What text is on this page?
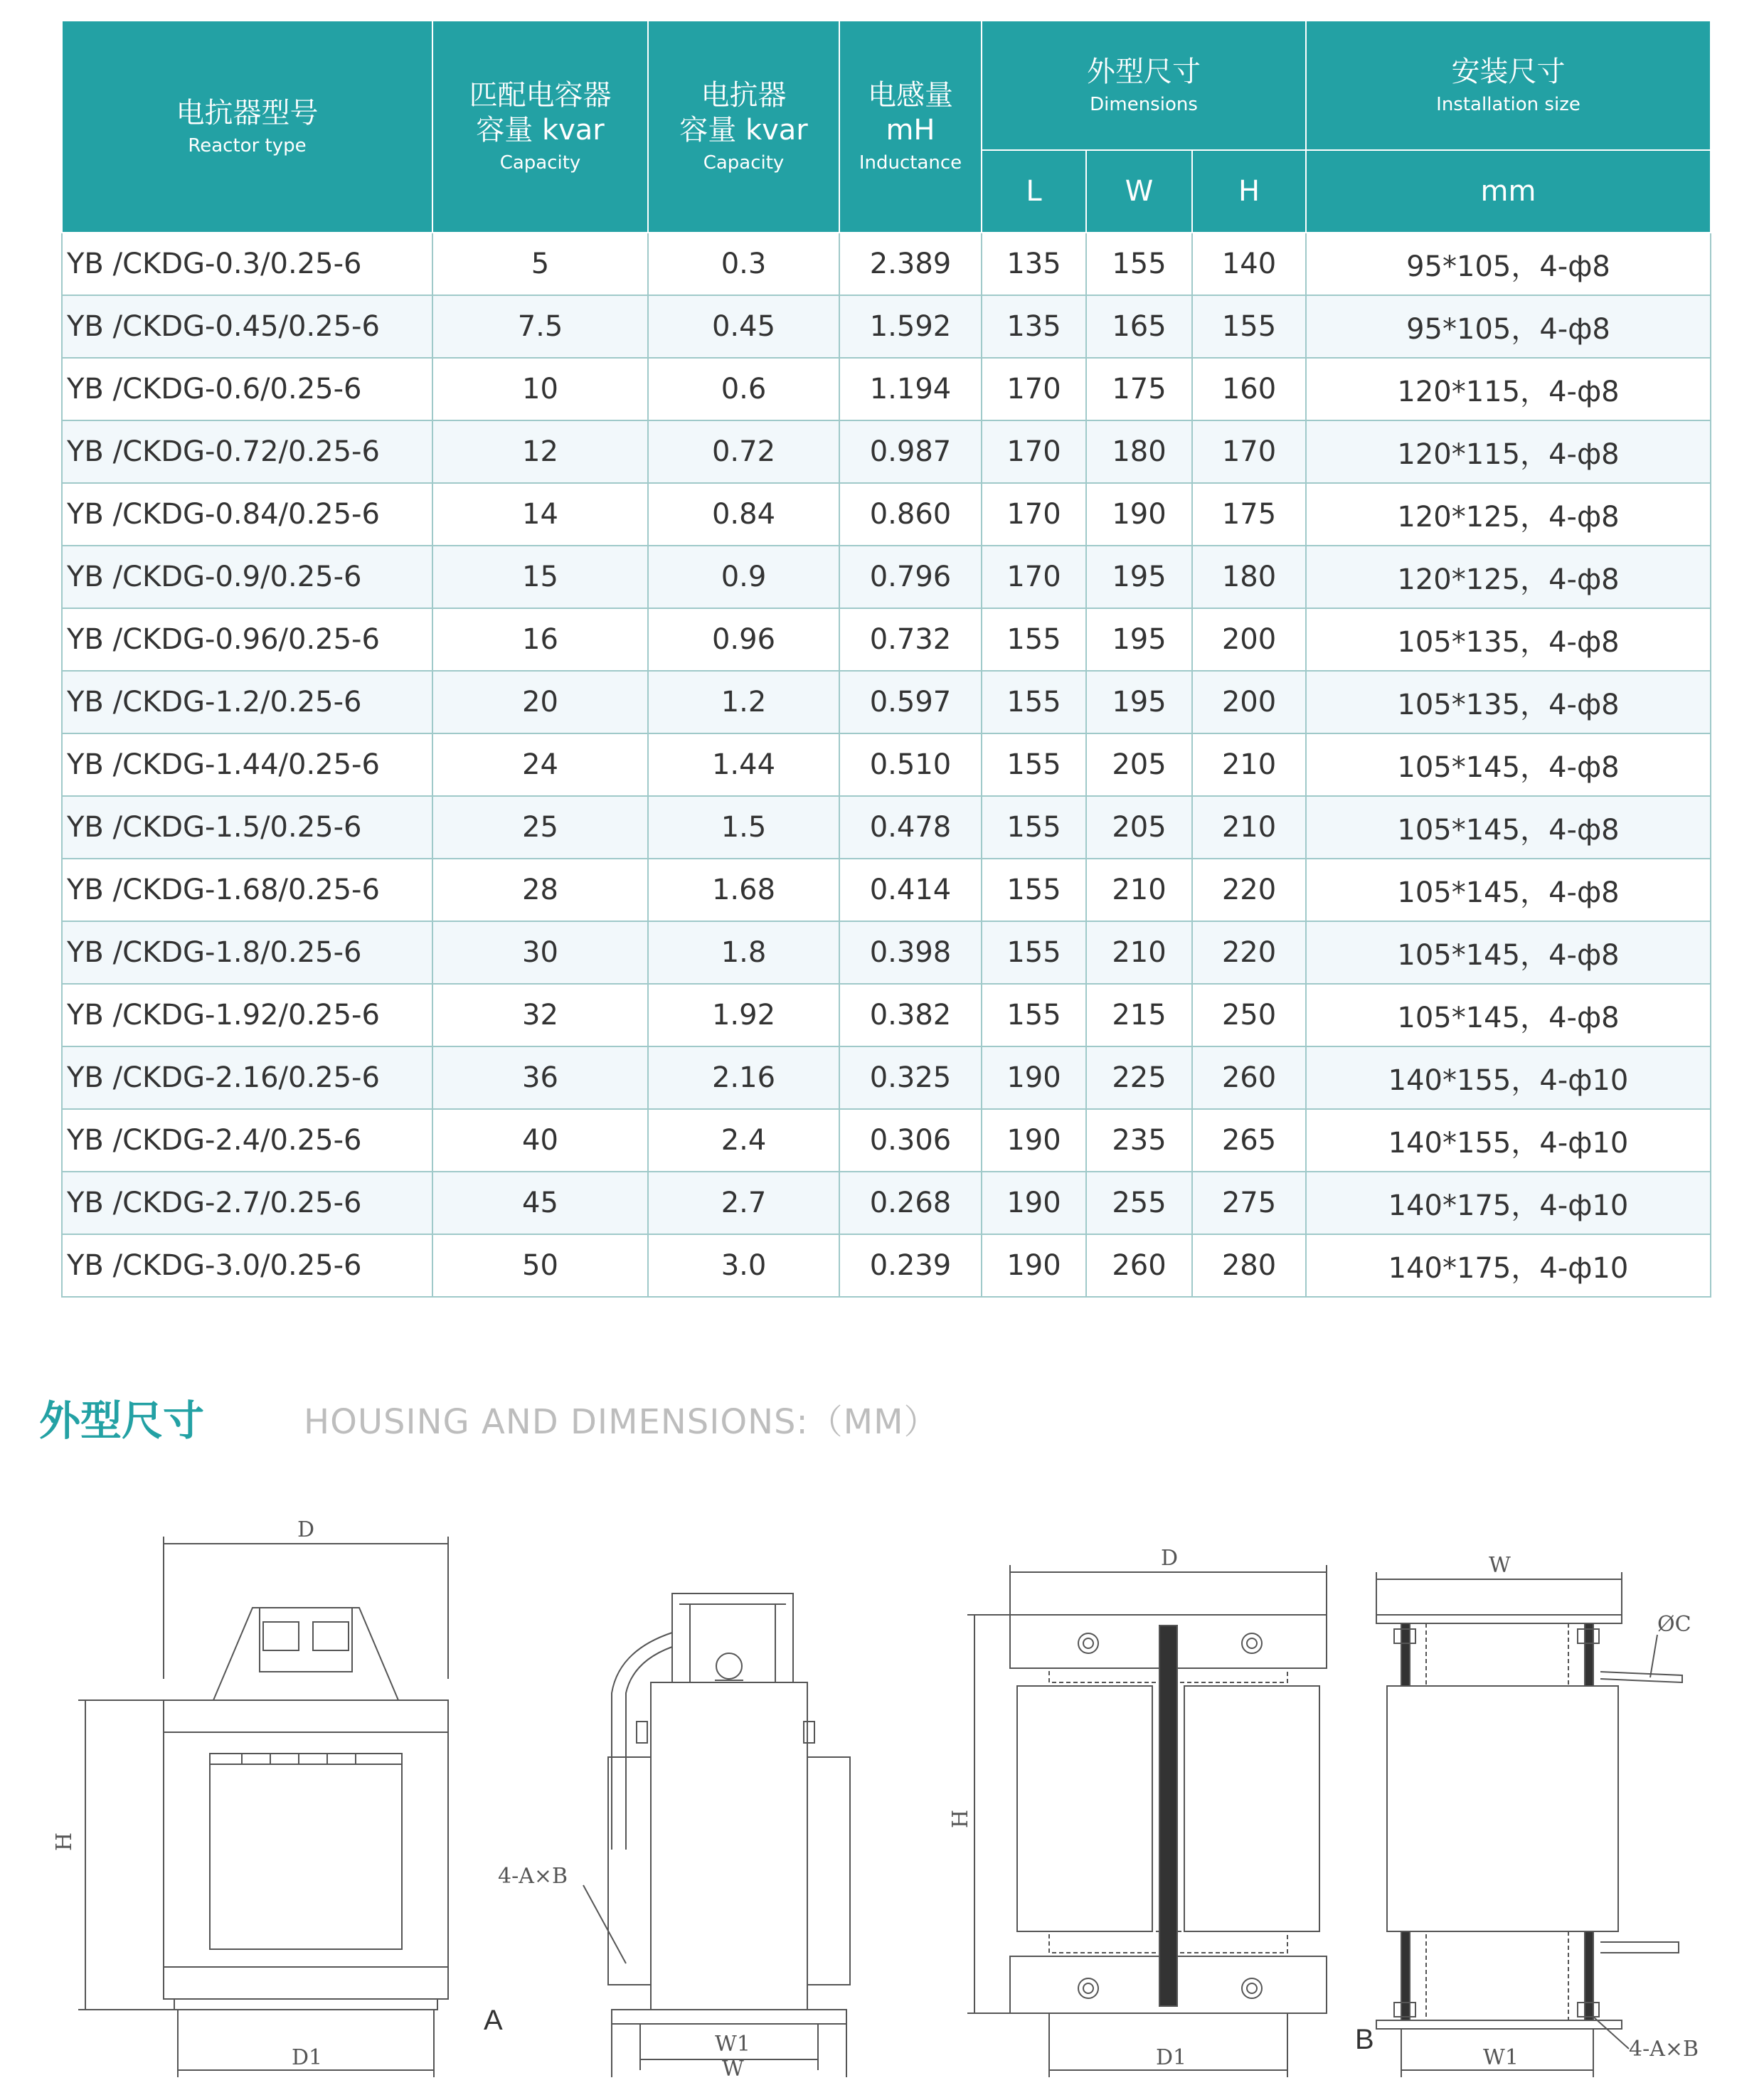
电抗器型号
Reactor type	匹配电容器
容量 kvar
Capacity	电抗器
容量 kvar
Capacity	电感量
mH
Inductance	外型尺寸
Dimensions			安装尺寸
Installation size

				L	W	H	mm
YB /CKDG-0.3/0.25-6	5	0.3	2.389	135	155	140	95*105，4-ф8
YB /CKDG-0.45/0.25-6	7.5	0.45	1.592	135	165	155	95*105，4-ф8
YB /CKDG-0.6/0.25-6	10	0.6	1.194	170	175	160	120*115，4-ф8
YB /CKDG-0.72/0.25-6	12	0.72	0.987	170	180	170	120*115，4-ф8
YB /CKDG-0.84/0.25-6	14	0.84	0.860	170	190	175	120*125，4-ф8
YB /CKDG-0.9/0.25-6	15	0.9	0.796	170	195	180	120*125，4-ф8
YB /CKDG-0.96/0.25-6	16	0.96	0.732	155	195	200	105*135，4-ф8
YB /CKDG-1.2/0.25-6	20	1.2	0.597	155	195	200	105*135，4-ф8
YB /CKDG-1.44/0.25-6	24	1.44	0.510	155	205	210	105*145，4-ф8
YB /CKDG-1.5/0.25-6	25	1.5	0.478	155	205	210	105*145，4-ф8
YB /CKDG-1.68/0.25-6	28	1.68	0.414	155	210	220	105*145，4-ф8
YB /CKDG-1.8/0.25-6	30	1.8	0.398	155	210	220	105*145，4-ф8
YB /CKDG-1.92/0.25-6	32	1.92	0.382	155	215	250	105*145，4-ф8
YB /CKDG-2.16/0.25-6	36	2.16	0.325	190	225	260	140*155，4-ф10
YB /CKDG-2.4/0.25-6	40	2.4	0.306	190	235	265	140*155，4-ф10
YB /CKDG-2.7/0.25-6	45	2.7	0.268	190	255	275	140*175，4-ф10
YB /CKDG-3.0/0.25-6	50	3.0	0.239	190	260	280	140*175，4-ф10
外型尺寸	HOUSING AND DIMENSIONS:（MM）
D
H
D1
W1
W
4-A×B
A
D
H
D1
W
ØC
W1	4-A×B
B
